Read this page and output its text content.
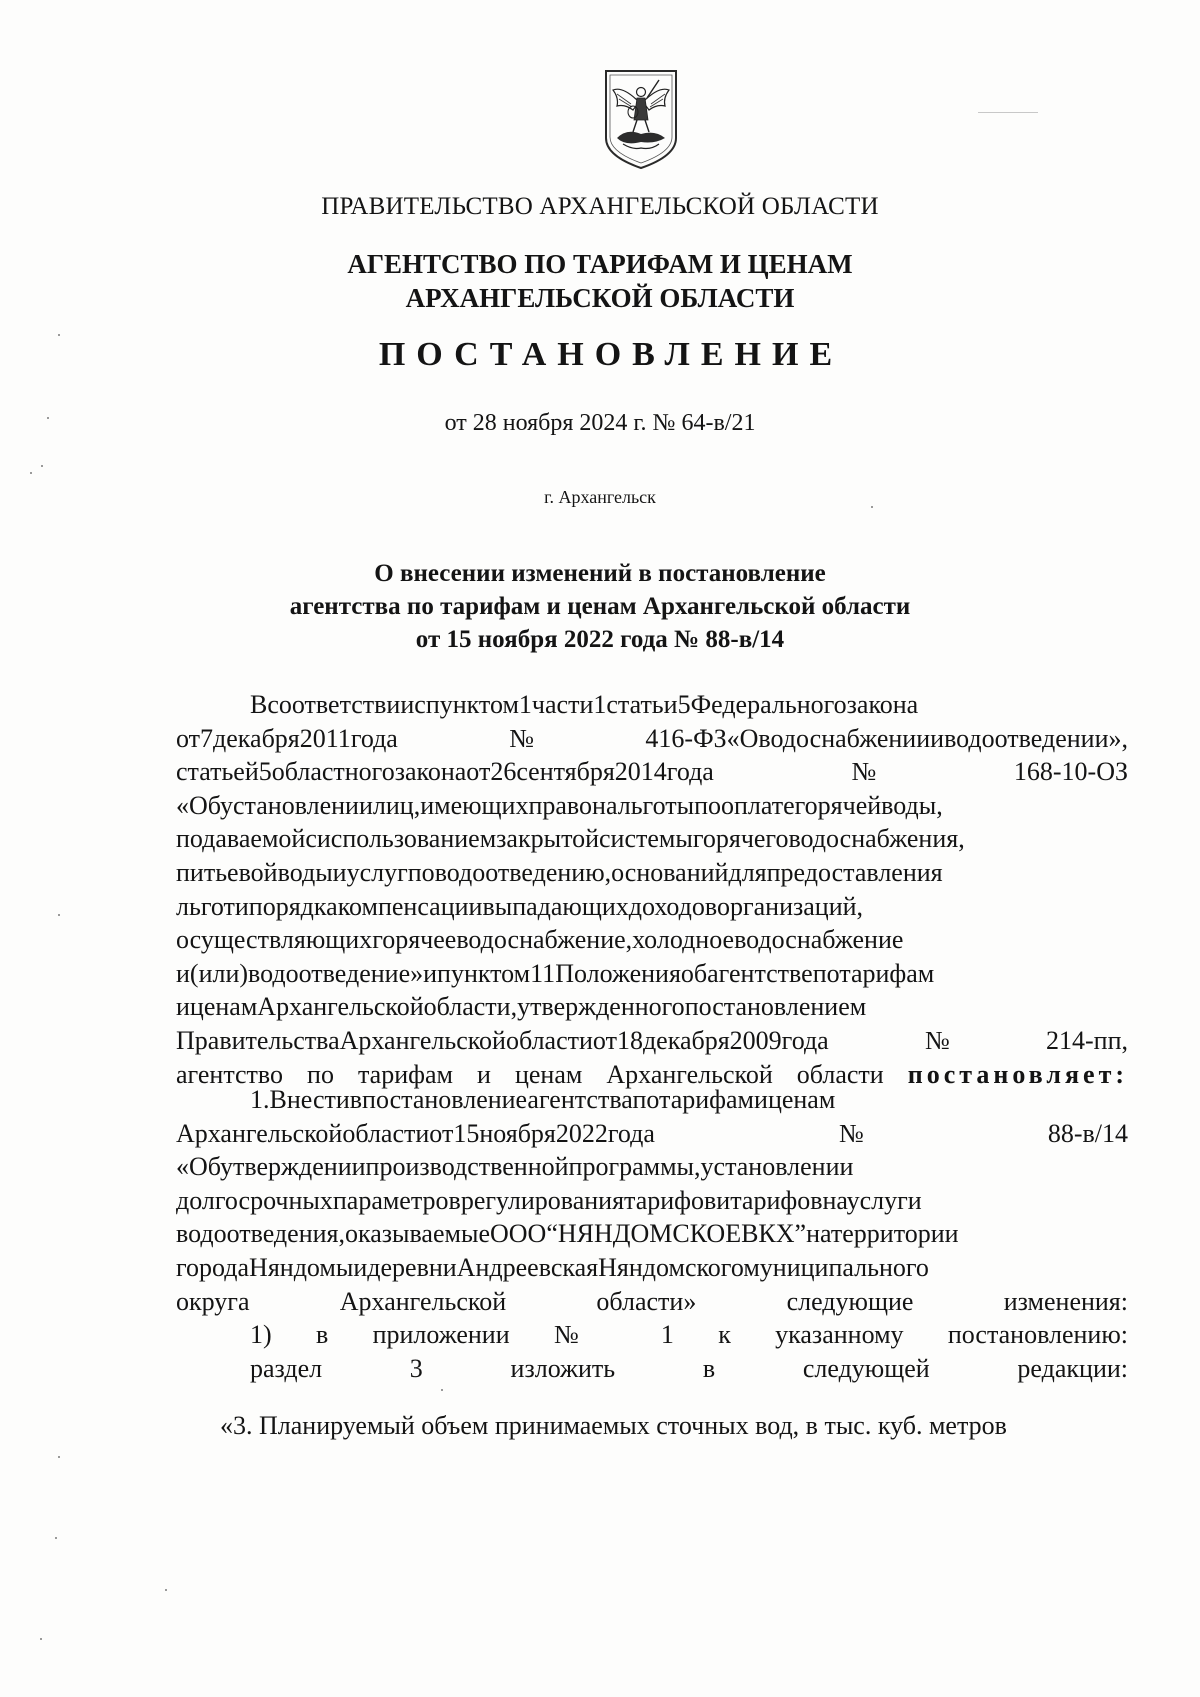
ПРАВИТЕЛЬСТВО АРХАНГЕЛЬСКОЙ ОБЛАСТИ
АГЕНТСТВО ПО ТАРИФАМ И ЦЕНАМ
АРХАНГЕЛЬСКОЙ ОБЛАСТИ
ПОСТАНОВЛЕНИЕ
от 28 ноября 2024 г. № 64-в/21
г. Архангельск
О внесении изменений в постановление
агентства по тарифам и ценам Архангельской области
от 15 ноября 2022 года № 88-в/14
Всоответствииспунктом1части1статьи5Федеральногозакона
от7декабря2011года№416-ФЗ«Оводоснабжениииводоотведении»,
статьей5областногозаконаот26сентября2014года№168-10-ОЗ
«Обустановлениилиц,имеющихправональготыпооплатегорячейводы,
подаваемойсиспользованиемзакрытойсистемыгорячеговодоснабжения,
питьевойводыиуслугповодоотведению,основанийдляпредоставления
льготипорядкакомпенсациивыпадающихдоходоворганизаций,
осуществляющихгорячееводоснабжение,холодноеводоснабжение
и(или)водоотведение»ипунктом11Положенияобагентствепотарифам
иценамАрхангельскойобласти,утвержденногопостановлением
ПравительстваАрхангельскойобластиот18декабря2009года№214-пп,
агентство по тарифам и ценам Архангельской области постановляет:
1.Внестивпостановлениеагентствапотарифамиценам
Архангельскойобластиот15ноября2022года№88-в/14
«Обутверждениипроизводственнойпрограммы,установлении
долгосрочныхпараметроврегулированиятарифовитарифовнауслуги
водоотведения,оказываемыеООО“НЯНДОМСКОЕВКХ”натерритории
городаНяндомыидеревниАндреевскаяНяндомскогомуниципального
округа Архангельской области» следующие изменения:
1) в приложении № 1 к указанному постановлению:
раздел 3 изложить в следующей редакции:
«3. Планируемый объем принимаемых сточных вод, в тыс. куб. метров
